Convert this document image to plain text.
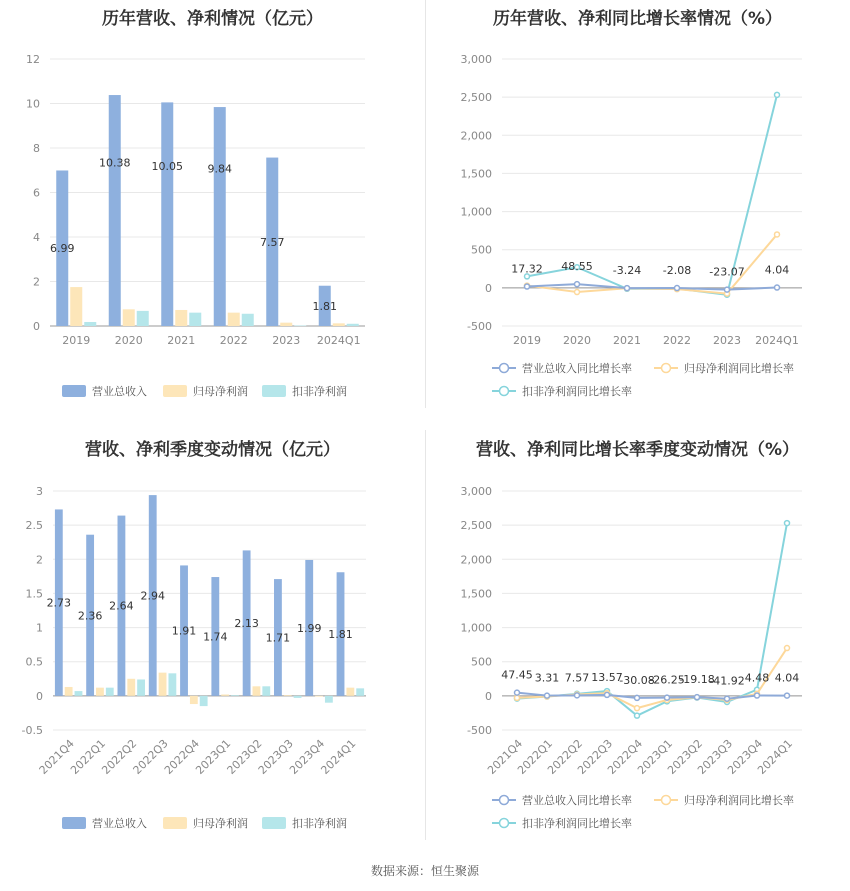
历年营收、净利情况（亿元）	历年营收、净利同比增长率情况（%）
营收、净利季度变动情况（亿元）	营收、净利同比增长率季度变动情况（%）
0
2
4
6
8
10
12
2019 2020 2021 2022 2023 2024Q1
6.99
10.38 10.05 9.84
7.57
1.81
营业总收入	归母净利润	扣非净利润
-500
0
500
1,000
1,500
2,000
2,500
3,000
2019 2020 2021 2022 2023 2024Q1
17.32 48.55 -3.24 -2.08 -23.07 4.04
营业总收入同比增长率	归母净利润同比增长率
扣非净利润同比增长率
-0.5
0
0.5
1
1.5
2
2.5
3
2021Q4
2022Q1
2022Q2
2022Q3
2022Q4
2023Q1
2023Q2
2023Q3
2023Q4
2024Q1
2.73
2.36
2.64
2.94
1.91 1.74
2.13
1.71
1.99 1.81
营业总收入	归母净利润	扣非净利润
-500
0
500
1,000
1,500
2,000
2,500
3,000
2021Q4
2022Q1
2022Q2
2022Q3
2022Q4
2023Q1
2023Q2
2023Q3
2023Q4
2024Q1
47.45 3.31 7.57 13.57
-30.08
-26.25
-19.18
-41.92 4.48 4.04
营业总收入同比增长率	归母净利润同比增长率
扣非净利润同比增长率
数据来源：恒生聚源
